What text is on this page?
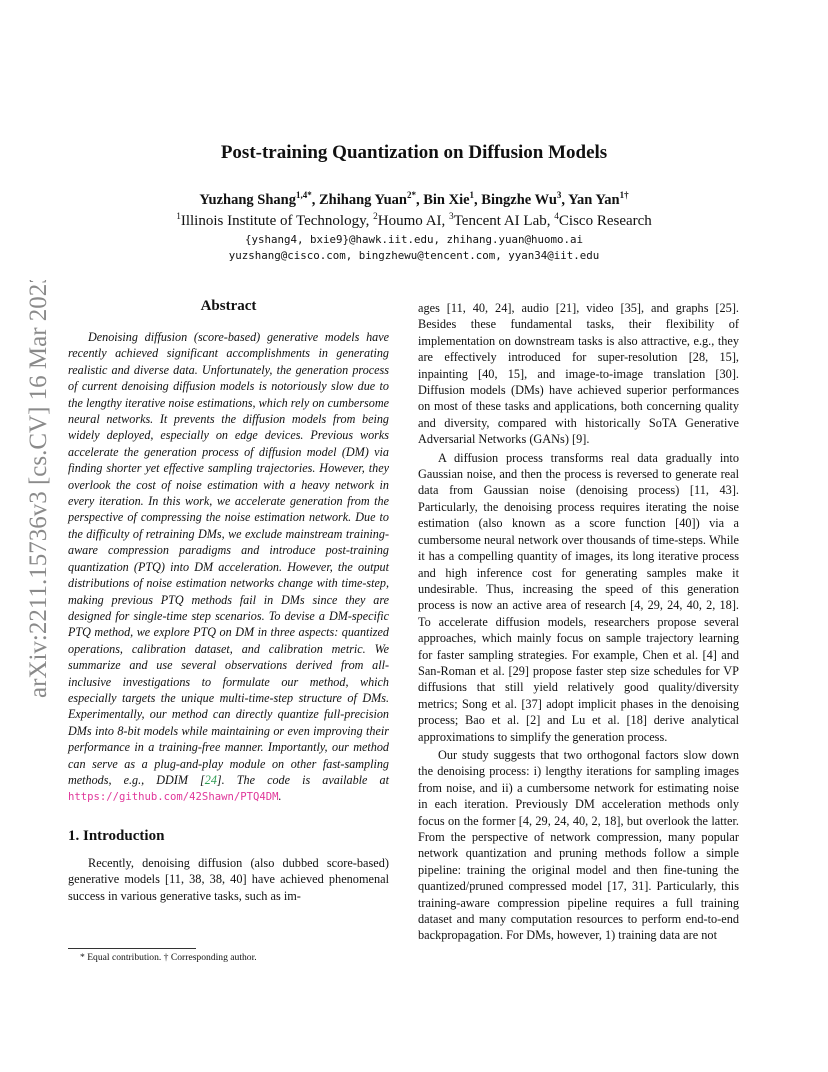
arXiv:2211.15736v3 [cs.CV] 16 Mar 2023
Post-training Quantization on Diffusion Models
Yuzhang Shang$^{1,4*}$, Zhihang Yuan$^{2*}$, Bin Xie$^1$, Bingzhe Wu$^3$, Yan Yan$^{1\dagger}$
$^1$Illinois Institute of Technology, $^2$Houmo AI, $^3$Tencent AI Lab, $^4$Cisco Research
{yshang4, bxie9}@hawk.iit.edu, zhihang.yuan@huomo.ai
yuzshang@cisco.com, bingzhewu@tencent.com, yyan34@iit.edu
Abstract

Denoising diffusion (score-based) generative models have recently achieved significant accomplishments in generating realistic and diverse data. Unfortunately, the generation process of current denoising diffusion models is notoriously slow due to the lengthy iterative noise estimations, which rely on cumbersome neural networks. It prevents the diffusion models from being widely deployed, especially on edge devices. Previous works accelerate the generation process of diffusion model (DM) via finding shorter yet effective sampling trajectories. However, they overlook the cost of noise estimation with a heavy network in every iteration. In this work, we accelerate generation from the perspective of compressing the noise estimation network. Due to the difficulty of retraining DMs, we exclude mainstream training-aware compression paradigms and introduce post-training quantization (PTQ) into DM acceleration. However, the output distributions of noise estimation networks change with time-step, making previous PTQ methods fail in DMs since they are designed for single-time step scenarios. To devise a DM-specific PTQ method, we explore PTQ on DM in three aspects: quantized operations, calibration dataset, and calibration metric. We summarize and use several observations derived from all-inclusive investigations to formulate our method, which especially targets the unique multi-time-step structure of DMs. Experimentally, our method can directly quantize full-precision DMs into 8-bit models while maintaining or even improving their performance in a training-free manner. Importantly, our method can serve as a plug-and-play module on other fast-sampling methods, e.g., DDIM [24]. The code is available at https://github.com/42Shawn/PTQ4DM.

1. Introduction

Recently, denoising diffusion (also dubbed score-based) generative models [11, 38, 38, 40] have achieved phenomenal success in various generative tasks, such as im-

ages [11, 40, 24], audio [21], video [35], and graphs [25]. Besides these fundamental tasks, their flexibility of implementation on downstream tasks is also attractive, e.g., they are effectively introduced for super-resolution [28, 15], inpainting [40, 15], and image-to-image translation [30]. Diffusion models (DMs) have achieved superior performances on most of these tasks and applications, both concerning quality and diversity, compared with historically SoTA Generative Adversarial Networks (GANs) [9].

A diffusion process transforms real data gradually into Gaussian noise, and then the process is reversed to generate real data from Gaussian noise (denoising process) [11, 43]. Particularly, the denoising process requires iterating the noise estimation (also known as a score function [40]) via a cumbersome neural network over thousands of time-steps. While it has a compelling quantity of images, its long iterative process and high inference cost for generating samples make it undesirable. Thus, increasing the speed of this generation process is now an active area of research [4, 29, 24, 40, 2, 18]. To accelerate diffusion models, researchers propose several approaches, which mainly focus on sample trajectory learning for faster sampling strategies. For example, Chen et al. [4] and San-Roman et al. [29] propose faster step size schedules for VP diffusions that still yield relatively good quality/diversity metrics; Song et al. [37] adopt implicit phases in the denoising process; Bao et al. [2] and Lu et al. [18] derive analytical approximations to simplify the generation process.

Our study suggests that two orthogonal factors slow down the denoising process: i) lengthy iterations for sampling images from noise, and ii) a cumbersome network for estimating noise in each iteration. Previously DM acceleration methods only focus on the former [4, 29, 24, 40, 2, 18], but overlook the latter. From the perspective of network compression, many popular network quantization and pruning methods follow a simple pipeline: training the original model and then fine-tuning the quantized/pruned compressed model [17, 31]. Particularly, this training-aware compression pipeline requires a full training dataset and many computation resources to perform end-to-end backpropagation. For DMs, however, 1) training data are not

* Equal contribution. † Corresponding author.
